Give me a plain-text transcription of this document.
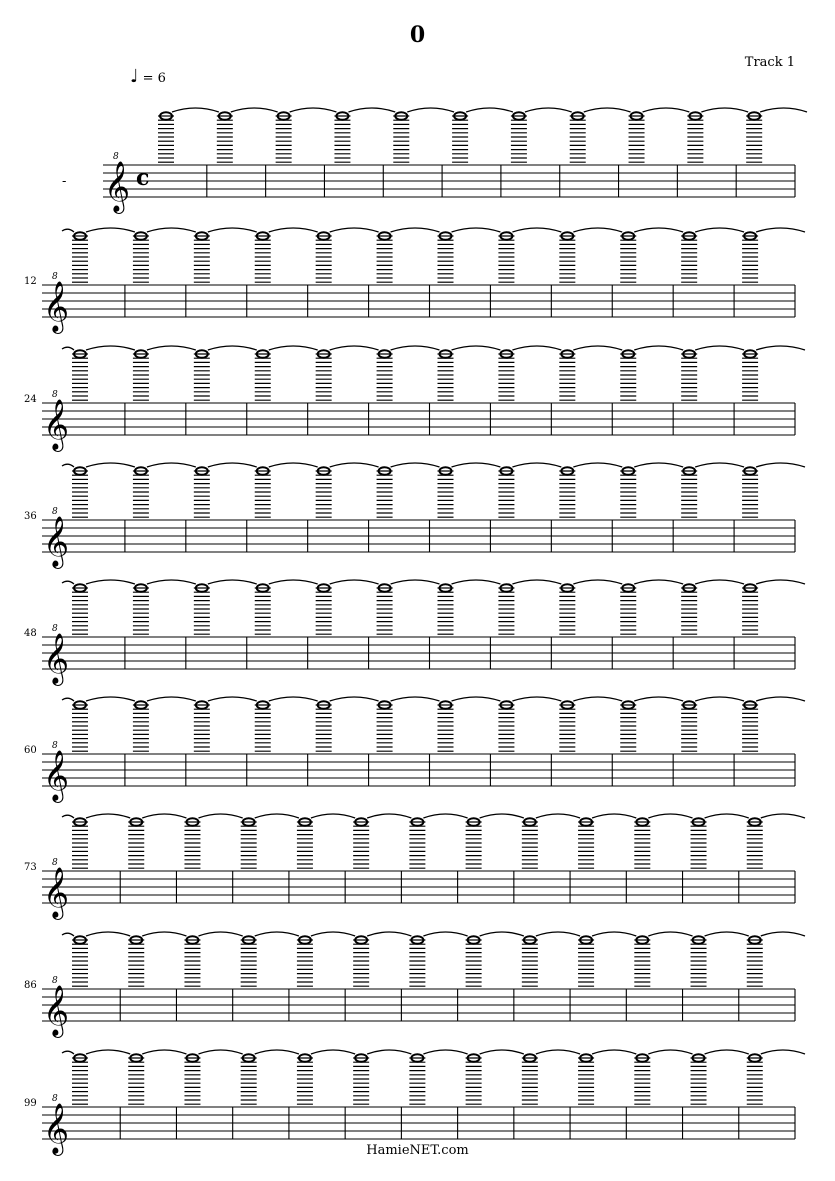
0
Track 1
♩ = 6
𝄞
8
-	c
𝄞
8
12
𝄞
8
24
𝄞
8
36
𝄞
8
48
𝄞
8
60
𝄞
8
73
𝄞
8
86
𝄞
8
99
HamieNET.com
